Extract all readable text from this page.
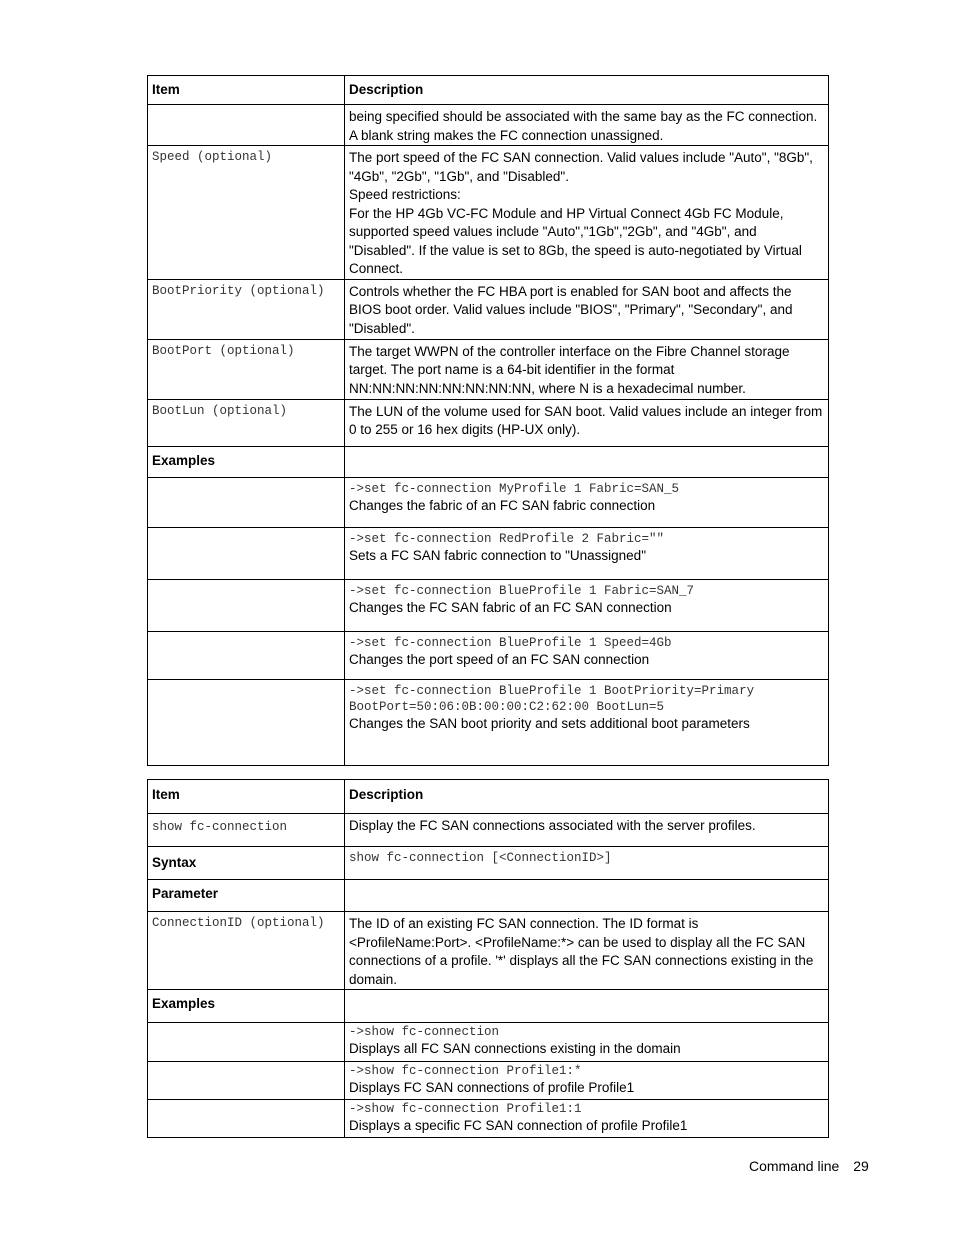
Item	Description

	being specified should be associated with the same bay as the FC connection. A blank string makes the FC connection unassigned.

Speed (optional)	The port speed of the FC SAN connection. Valid values include "Auto", "8Gb", "4Gb", "2Gb", "1Gb", and "Disabled".
Speed restrictions:
For the HP 4Gb VC-FC Module and HP Virtual Connect 4Gb FC Module, supported speed values include "Auto","1Gb","2Gb", and "4Gb", and "Disabled". If the value is set to 8Gb, the speed is auto-negotiated by Virtual Connect.

BootPriority (optional)	Controls whether the FC HBA port is enabled for SAN boot and affects the BIOS boot order. Valid values include "BIOS", "Primary", "Secondary", and "Disabled".

BootPort (optional)	The target WWPN of the controller interface on the Fibre Channel storage target. The port name is a 64-bit identifier in the format NN:NN:NN:NN:NN:NN:NN:NN, where N is a hexadecimal number.

BootLun (optional)	The LUN of the volume used for SAN boot. Valid values include an integer from 0 to 255 or 16 hex digits (HP-UX only).
Examples	

	->set fc-connection MyProfile 1 Fabric=SAN_5
Changes the fabric of an FC SAN fabric connection

	->set fc-connection RedProfile 2 Fabric=""
Sets a FC SAN fabric connection to "Unassigned"

	->set fc-connection BlueProfile 1 Fabric=SAN_7
Changes the FC SAN fabric of an FC SAN connection

	->set fc-connection BlueProfile 1 Speed=4Gb
Changes the port speed of an FC SAN connection

	->set fc-connection BlueProfile 1 BootPriority=Primary BootPort=50:06:0B:00:00:C2:62:00 BootLun=5
Changes the SAN boot priority and sets additional boot parameters
Item	Description

show fc-connection	Display the FC SAN connections associated with the server profiles.
Syntax	show fc-connection [<ConnectionID>]

Parameter	

ConnectionID (optional)	The ID of an existing FC SAN connection. The ID format is <ProfileName:Port>. <ProfileName:*> can be used to display all the FC SAN connections of a profile. '*' displays all the FC SAN connections existing in the domain.
Examples	

	->show fc-connection
Displays all FC SAN connections existing in the domain

	->show fc-connection Profile1:*
Displays FC SAN connections of profile Profile1

	->show fc-connection Profile1:1
Displays a specific FC SAN connection of profile Profile1
Command line 29
